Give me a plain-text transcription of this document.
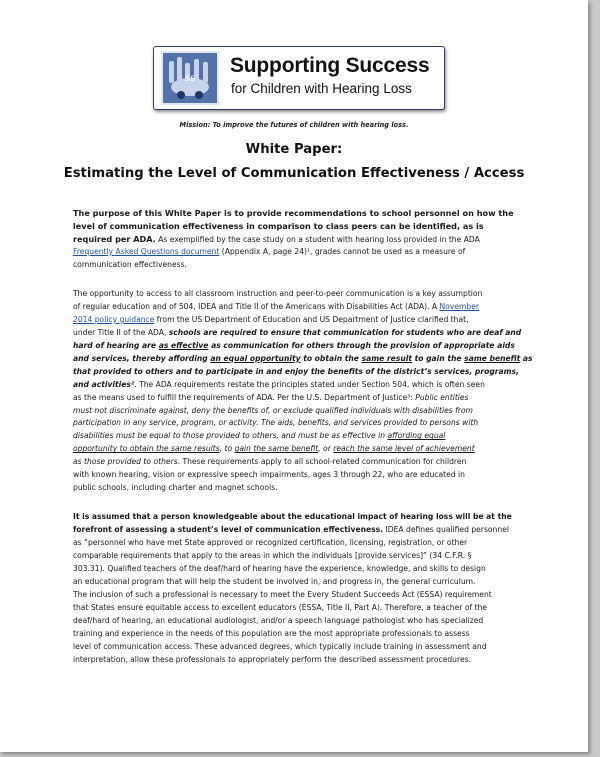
ss
Supporting Success
for Children with Hearing Loss
Mission: To improve the futures of children with hearing loss.
White Paper:
Estimating the Level of Communication Effectiveness / Access
The purpose of this White Paper is to provide recommendations to school personnel on how the
level of communication effectiveness in comparison to class peers can be identified, as is
required per ADA. As exemplified by the case study on a student with hearing loss provided in the ADA
Frequently Asked Questions document (Appendix A, page 24)¹, grades cannot be used as a measure of
communication effectiveness.
The opportunity to access to all classroom instruction and peer-to-peer communication is a key assumption
of regular education and of 504, IDEA and Title II of the Americans with Disabilities Act (ADA). A November
2014 policy guidance from the US Department of Education and US Department of Justice clarified that,
under Title II of the ADA, schools are required to ensure that communication for students who are deaf and
hard of hearing are as effective as communication for others through the provision of appropriate aids
and services, thereby affording an equal opportunity to obtain the same result to gain the same benefit as
that provided to others and to participate in and enjoy the benefits of the district’s services, programs,
and activities². The ADA requirements restate the principles stated under Section 504, which is often seen
as the means used to fulfill the requirements of ADA. Per the U.S. Department of Justice³: Public entities
must not discriminate against, deny the benefits of, or exclude qualified individuals with disabilities from
participation in any service, program, or activity. The aids, benefits, and services provided to persons with
disabilities must be equal to those provided to others, and must be as effective in affording equal
opportunity to obtain the same results, to gain the same benefit, or reach the same level of achievement
as those provided to others. These requirements apply to all school-related communication for children
with known hearing, vision or expressive speech impairments, ages 3 through 22, who are educated in
public schools, including charter and magnet schools.
It is assumed that a person knowledgeable about the educational impact of hearing loss will be at the
forefront of assessing a student’s level of communication effectiveness. IDEA defines qualified personnel
as “personnel who have met State approved or recognized certification, licensing, registration, or other
comparable requirements that apply to the areas in which the individuals [provide services]” (34 C.F.R. §
303.31). Qualified teachers of the deaf/hard of hearing have the experience, knowledge, and skills to design
an educational program that will help the student be involved in, and progress in, the general curriculum.
The inclusion of such a professional is necessary to meet the Every Student Succeeds Act (ESSA) requirement
that States ensure equitable access to excellent educators (ESSA, Title II, Part A). Therefore, a teacher of the
deaf/hard of hearing, an educational audiologist, and/or a speech language pathologist who has specialized
training and experience in the needs of this population are the most appropriate professionals to assess
level of communication access. These advanced degrees, which typically include training in assessment and
interpretation, allow these professionals to appropriately perform the described assessment procedures.
